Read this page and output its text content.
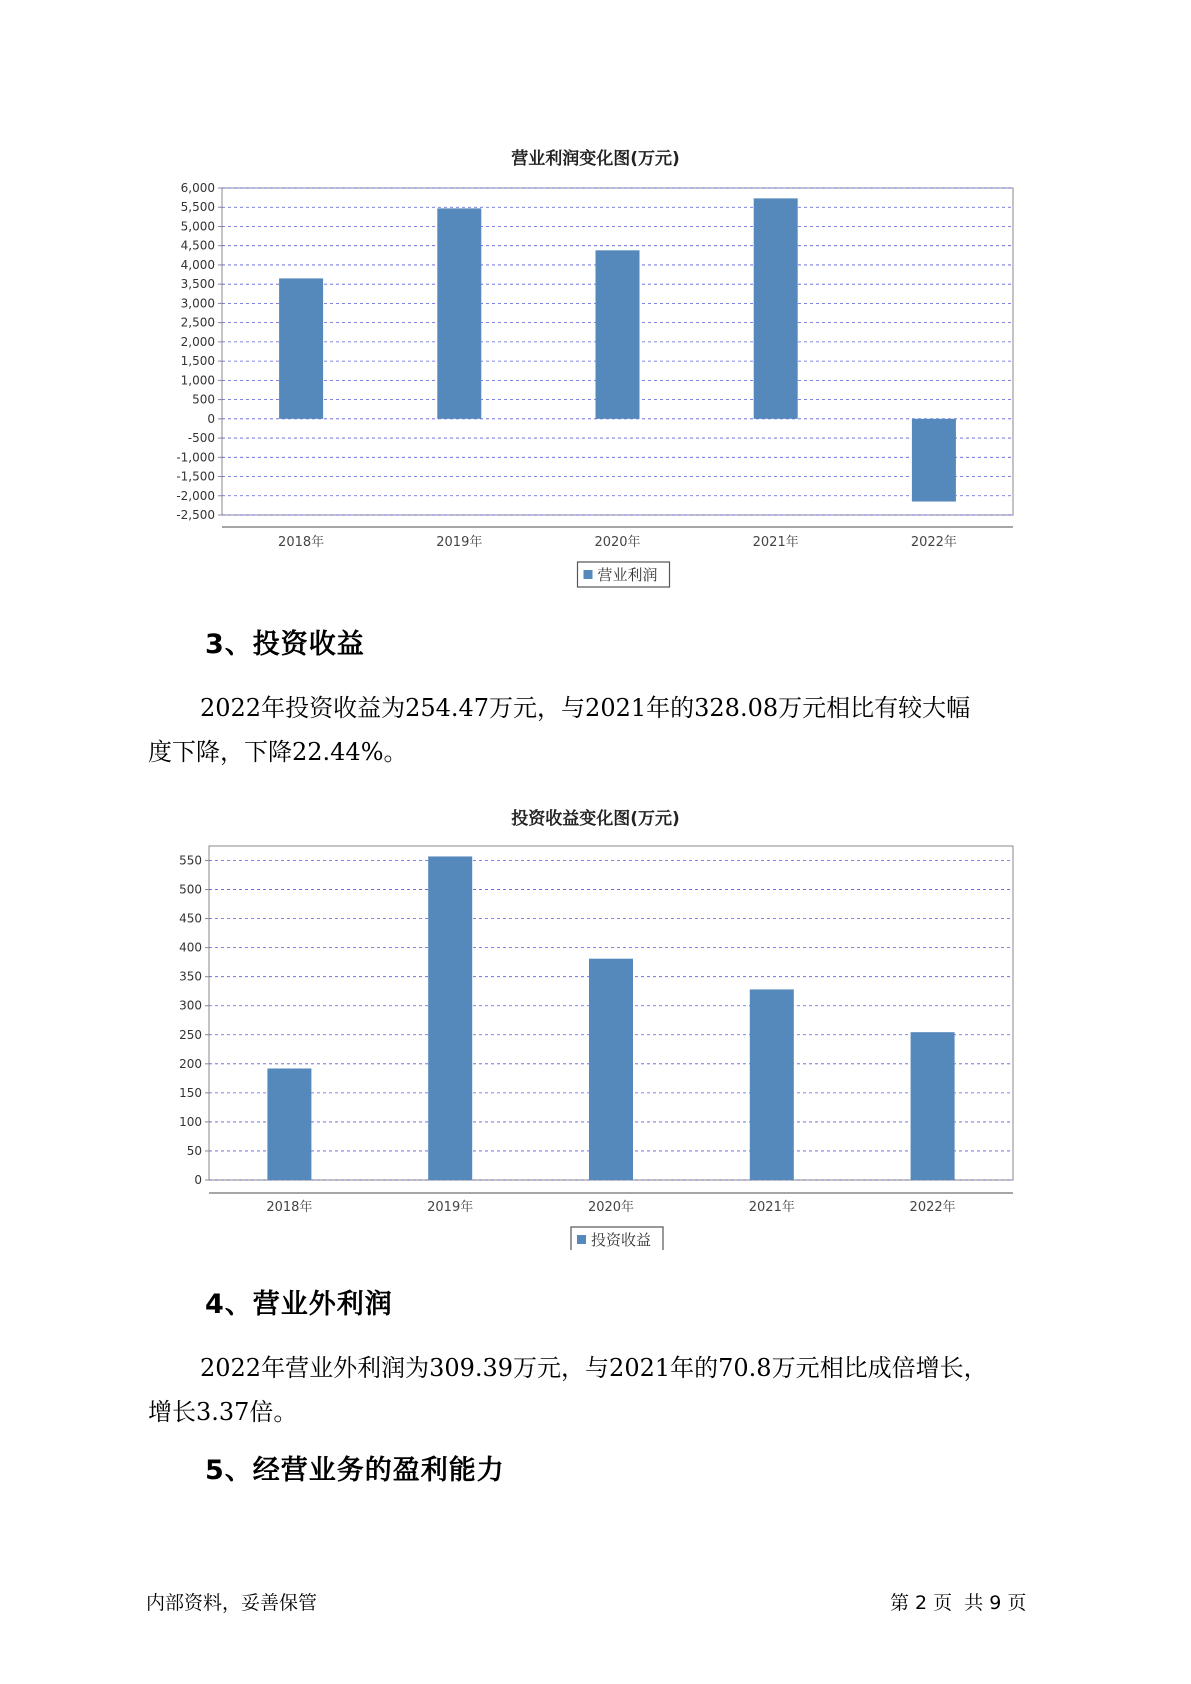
营业利润变化图(万元)
6,000
5,500
5,000
4,500
4,000
3,500
3,000
2,500
2,000
1,500
1,000
500
0
-500
-1,000
-1,500
-2,000
-2,500
2018年	2019年	2020年	2021年	2022年
营业利润
3、投资收益
2022年投资收益为254.47万元，与2021年的328.08万元相比有较大幅
度下降，下降22.44%。
投资收益变化图(万元)
550
500
450
400
350
300
250
200
150
100
50
0
2018年	2019年	2020年	2021年	2022年
投资收益
4、营业外利润
2022年营业外利润为309.39万元，与2021年的70.8万元相比成倍增长，
增长3.37倍。
5、经营业务的盈利能力
内部资料，妥善保管	第 2 页  共 9 页
